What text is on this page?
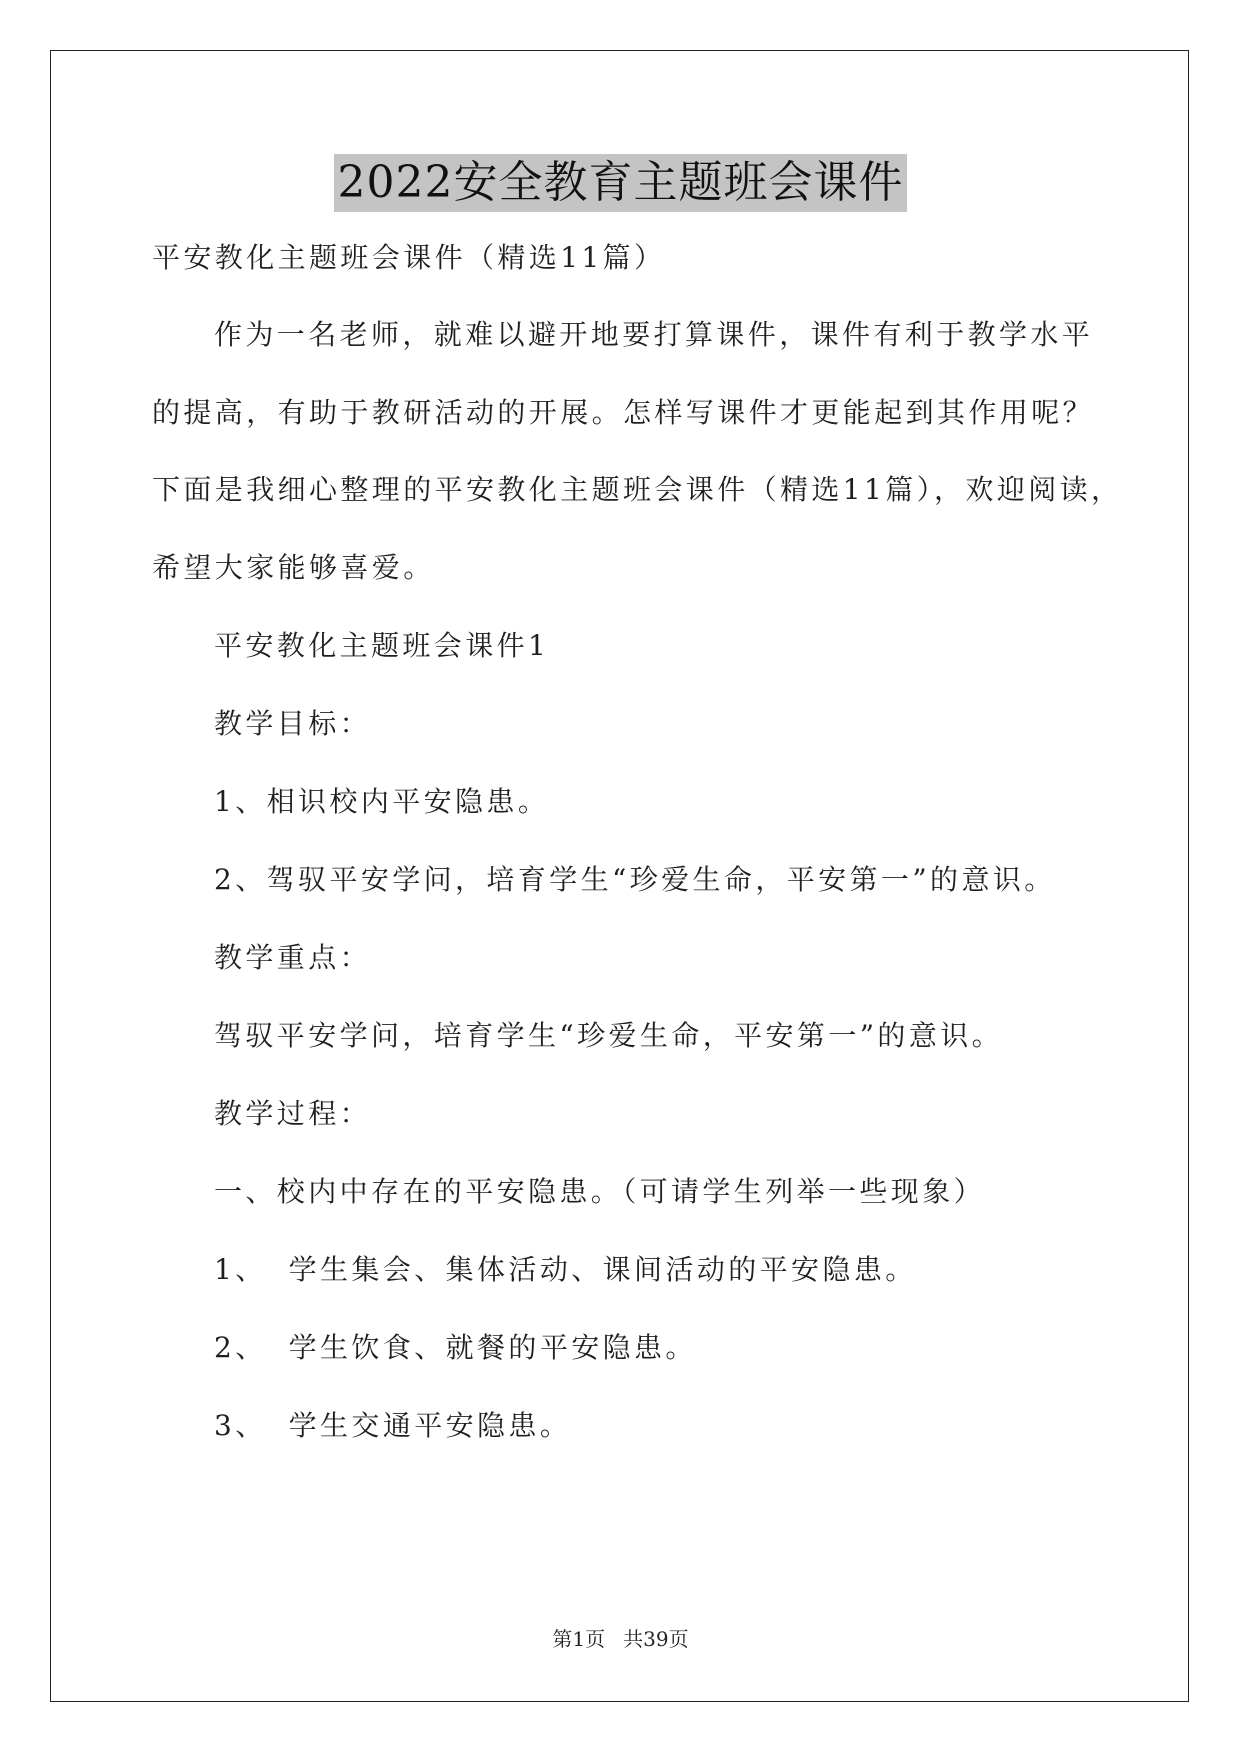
2022安全教育主题班会课件
平安教化主题班会课件（精选11篇）
作为一名老师，就难以避开地要打算课件，课件有利于教学水平
的提高，有助于教研活动的开展。怎样写课件才更能起到其作用呢？
下面是我细心整理的平安教化主题班会课件（精选11篇），欢迎阅读，
希望大家能够喜爱。
平安教化主题班会课件1
教学目标：
1、相识校内平安隐患。
2、驾驭平安学问，培育学生“珍爱生命，平安第一”的意识。
教学重点：
驾驭平安学问，培育学生“珍爱生命，平安第一”的意识。
教学过程：
一、校内中存在的平安隐患。（可请学生列举一些现象）
1、 学生集会、集体活动、课间活动的平安隐患。
2、 学生饮食、就餐的平安隐患。
3、 学生交通平安隐患。
第1页 共39页
